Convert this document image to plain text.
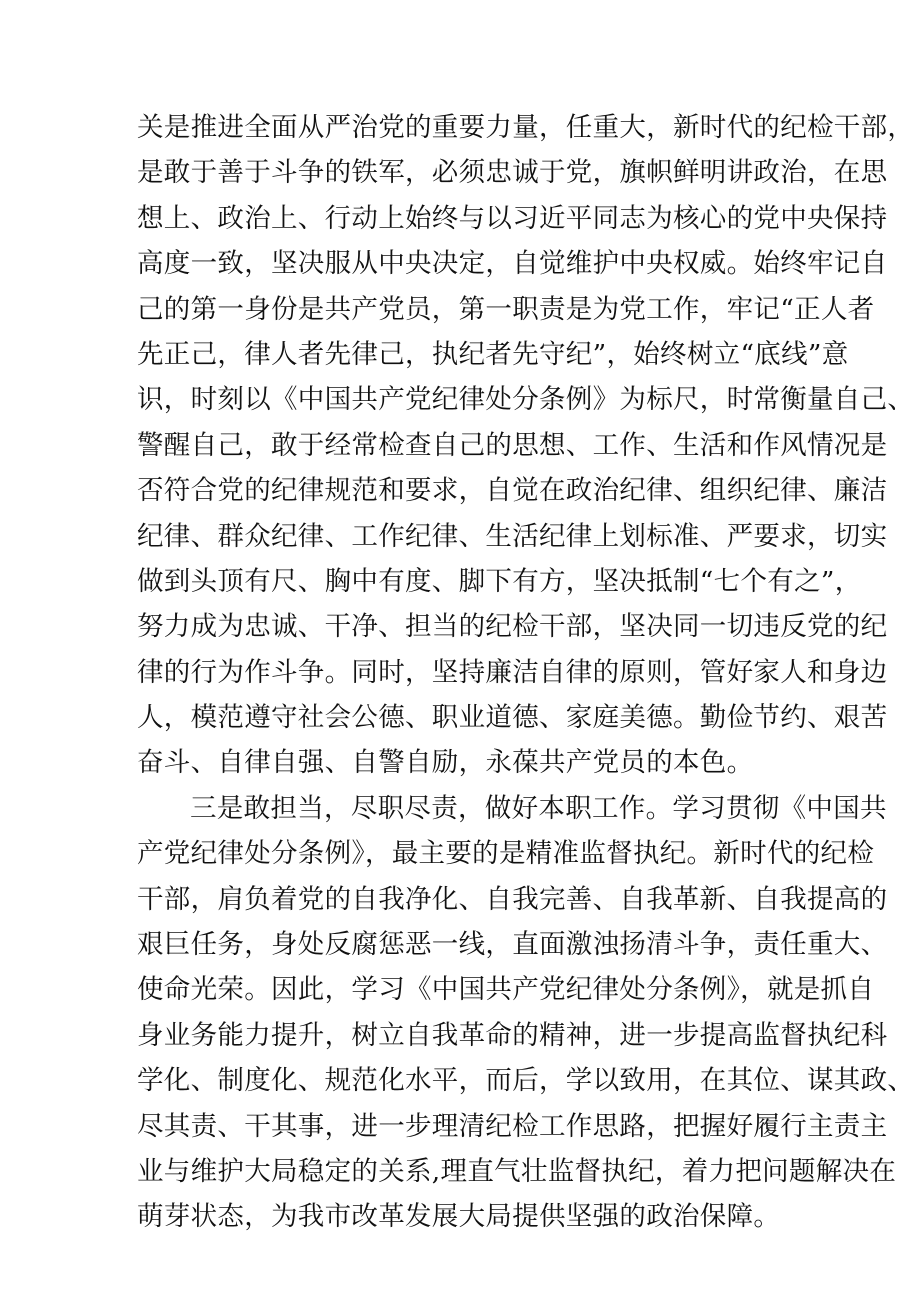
关是推进全面从严治党的重要力量，任重大，新时代的纪检干部，
是敢于善于斗争的铁军，必须忠诚于党，旗帜鲜明讲政治，在思
想上、政治上、行动上始终与以习近平同志为核心的党中央保持
高度一致，坚决服从中央决定，自觉维护中央权威。始终牢记自
己的第一身份是共产党员，第一职责是为党工作，牢记“正人者
先正己，律人者先律己，执纪者先守纪”，始终树立“底线”意
识，时刻以《中国共产党纪律处分条例》为标尺，时常衡量自己、
警醒自己，敢于经常检查自己的思想、工作、生活和作风情况是
否符合党的纪律规范和要求，自觉在政治纪律、组织纪律、廉洁
纪律、群众纪律、工作纪律、生活纪律上划标准、严要求，切实
做到头顶有尺、胸中有度、脚下有方，坚决抵制“七个有之”，
努力成为忠诚、干净、担当的纪检干部，坚决同一切违反党的纪
律的行为作斗争。同时，坚持廉洁自律的原则，管好家人和身边
人，模范遵守社会公德、职业道德、家庭美德。勤俭节约、艰苦
奋斗、自律自强、自警自励，永葆共产党员的本色。
三是敢担当，尽职尽责，做好本职工作。学习贯彻《中国共
产党纪律处分条例》，最主要的是精准监督执纪。新时代的纪检
干部，肩负着党的自我净化、自我完善、自我革新、自我提高的
艰巨任务，身处反腐惩恶一线，直面激浊扬清斗争，责任重大、
使命光荣。因此，学习《中国共产党纪律处分条例》，就是抓自
身业务能力提升，树立自我革命的精神，进一步提高监督执纪科
学化、制度化、规范化水平，而后，学以致用，在其位、谋其政、
尽其责、干其事，进一步理清纪检工作思路，把握好履行主责主
业与维护大局稳定的关系,理直气壮监督执纪，着力把问题解决在
萌芽状态，为我市改革发展大局提供坚强的政治保障。
